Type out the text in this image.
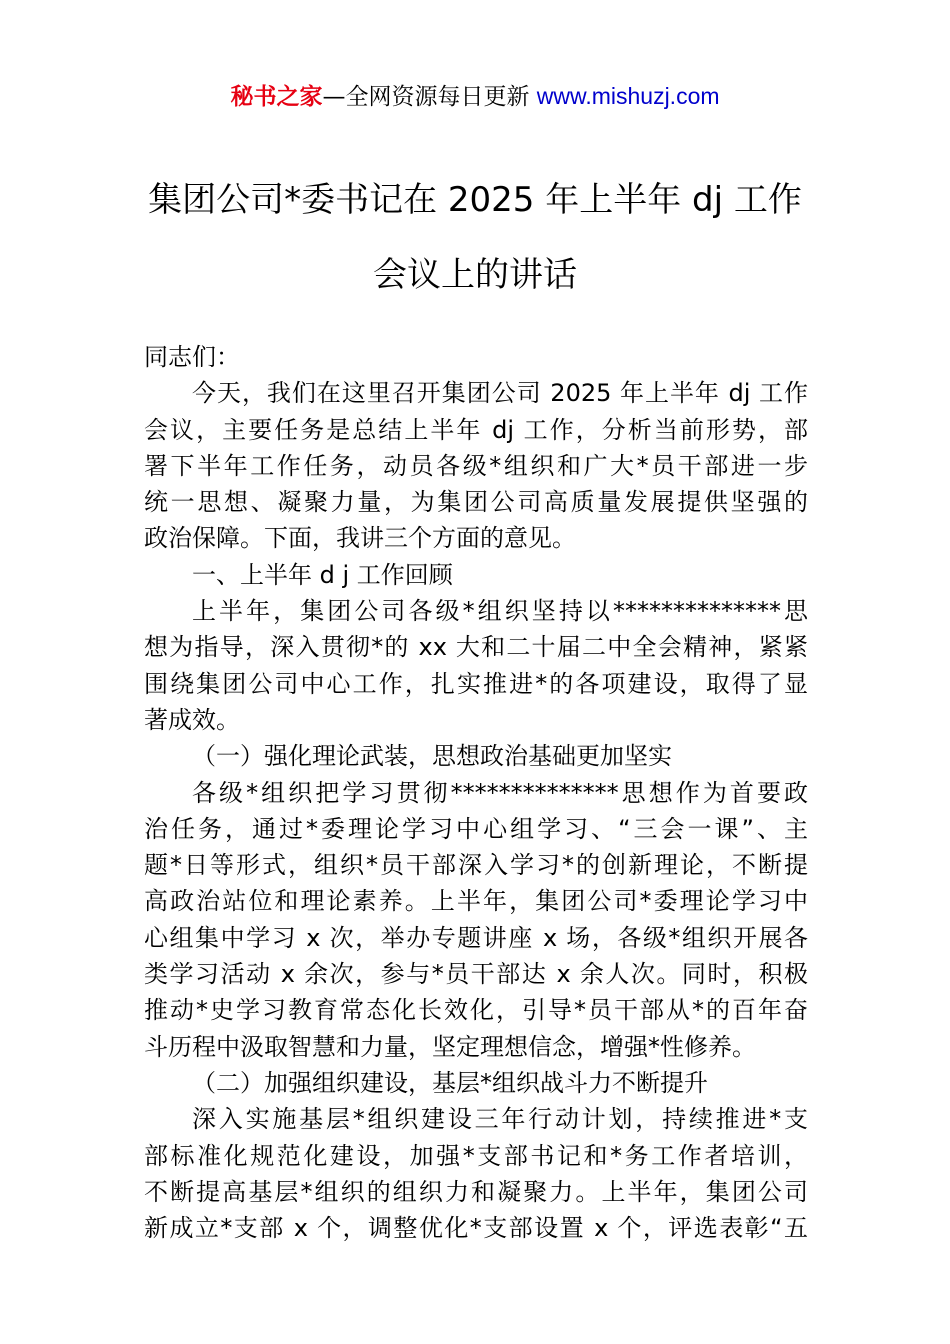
秘书之家—全网资源每日更新 www.mishuzj.com
集团公司*委书记在 2025 年上半年 dj 工作
会议上的讲话
同志们：
今天，我们在这里召开集团公司 2025 年上半年 dj 工作
会议，主要任务是总结上半年 dj 工作，分析当前形势，部
署下半年工作任务，动员各级*组织和广大*员干部进一步
统一思想、凝聚力量，为集团公司高质量发展提供坚强的
政治保障。下面，我讲三个方面的意见。
一、上半年 d j 工作回顾
上半年，集团公司各级*组织坚持以**************思
想为指导，深入贯彻*的 xx 大和二十届二中全会精神，紧紧
围绕集团公司中心工作，扎实推进*的各项建设，取得了显
著成效。
（一）强化理论武装，思想政治基础更加坚实
各级*组织把学习贯彻**************思想作为首要政
治任务，通过*委理论学习中心组学习、“三会一课”、主
题*日等形式，组织*员干部深入学习*的创新理论，不断提
高政治站位和理论素养。上半年，集团公司*委理论学习中
心组集中学习 x 次，举办专题讲座 x 场，各级*组织开展各
类学习活动 x 余次，参与*员干部达 x 余人次。同时，积极
推动*史学习教育常态化长效化，引导*员干部从*的百年奋
斗历程中汲取智慧和力量，坚定理想信念，增强*性修养。
（二）加强组织建设，基层*组织战斗力不断提升
深入实施基层*组织建设三年行动计划，持续推进*支
部标准化规范化建设，加强*支部书记和*务工作者培训，
不断提高基层*组织的组织力和凝聚力。上半年，集团公司
新成立*支部 x 个，调整优化*支部设置 x 个，评选表彰“五
